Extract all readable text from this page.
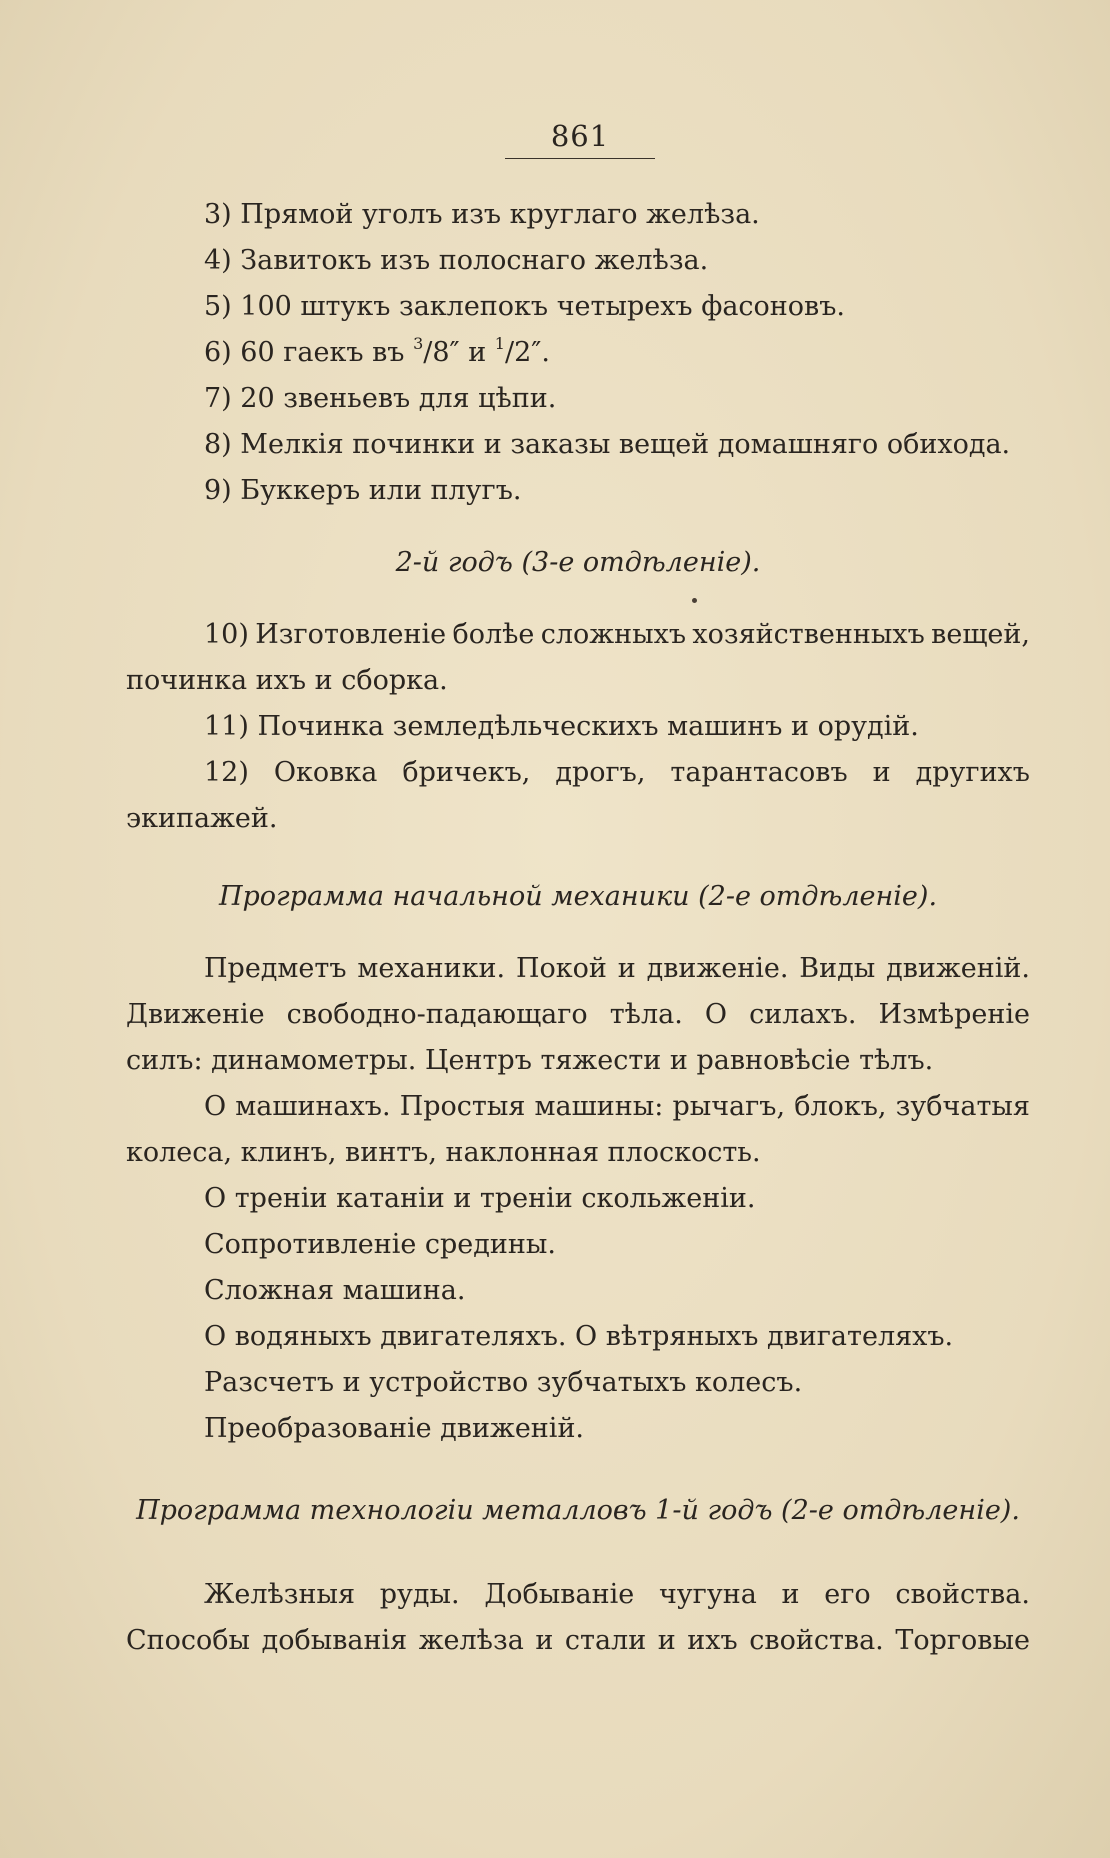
861
3) Прямой уголъ изъ круглаго желѣза.
4) Завитокъ изъ полоснаго желѣза.
5) 100 штукъ заклепокъ четырехъ фасоновъ.
6) 60 гаекъ въ $^3$/8″ и $^1$/2″.
7) 20 звеньевъ для цѣпи.
8) Мелкія починки и заказы вещей домашняго обихода.
9) Буккеръ или плугъ.
2-й годъ (3-е отдѣленіе).
10) Изготовленіе болѣе сложныхъ хозяйственныхъ вещей,
починка ихъ и сборка.
11) Починка земледѣльческихъ машинъ и орудій.
12) Оковка бричекъ, дрогъ, тарантасовъ и другихъ
экипажей.
Программа начальной механики (2-е отдѣленіе).
Предметъ механики. Покой и движеніе. Виды движеній.
Движеніе свободно-падающаго тѣла. О силахъ. Измѣреніе
силъ: динамометры. Центръ тяжести и равновѣсіе тѣлъ.
О машинахъ. Простыя машины: рычагъ, блокъ, зубчатыя
колеса, клинъ, винтъ, наклонная плоскость.
О треніи катаніи и треніи скольженіи.
Сопротивленіе средины.
Сложная машина.
О водяныхъ двигателяхъ. О вѣтряныхъ двигателяхъ.
Разсчетъ и устройство зубчатыхъ колесъ.
Преобразованіе движеній.
Программа технологіи металловъ 1-й годъ (2-е отдѣленіе).
Желѣзныя руды. Добываніе чугуна и его свойства.
Способы добыванія желѣза и стали и ихъ свойства. Торговые
